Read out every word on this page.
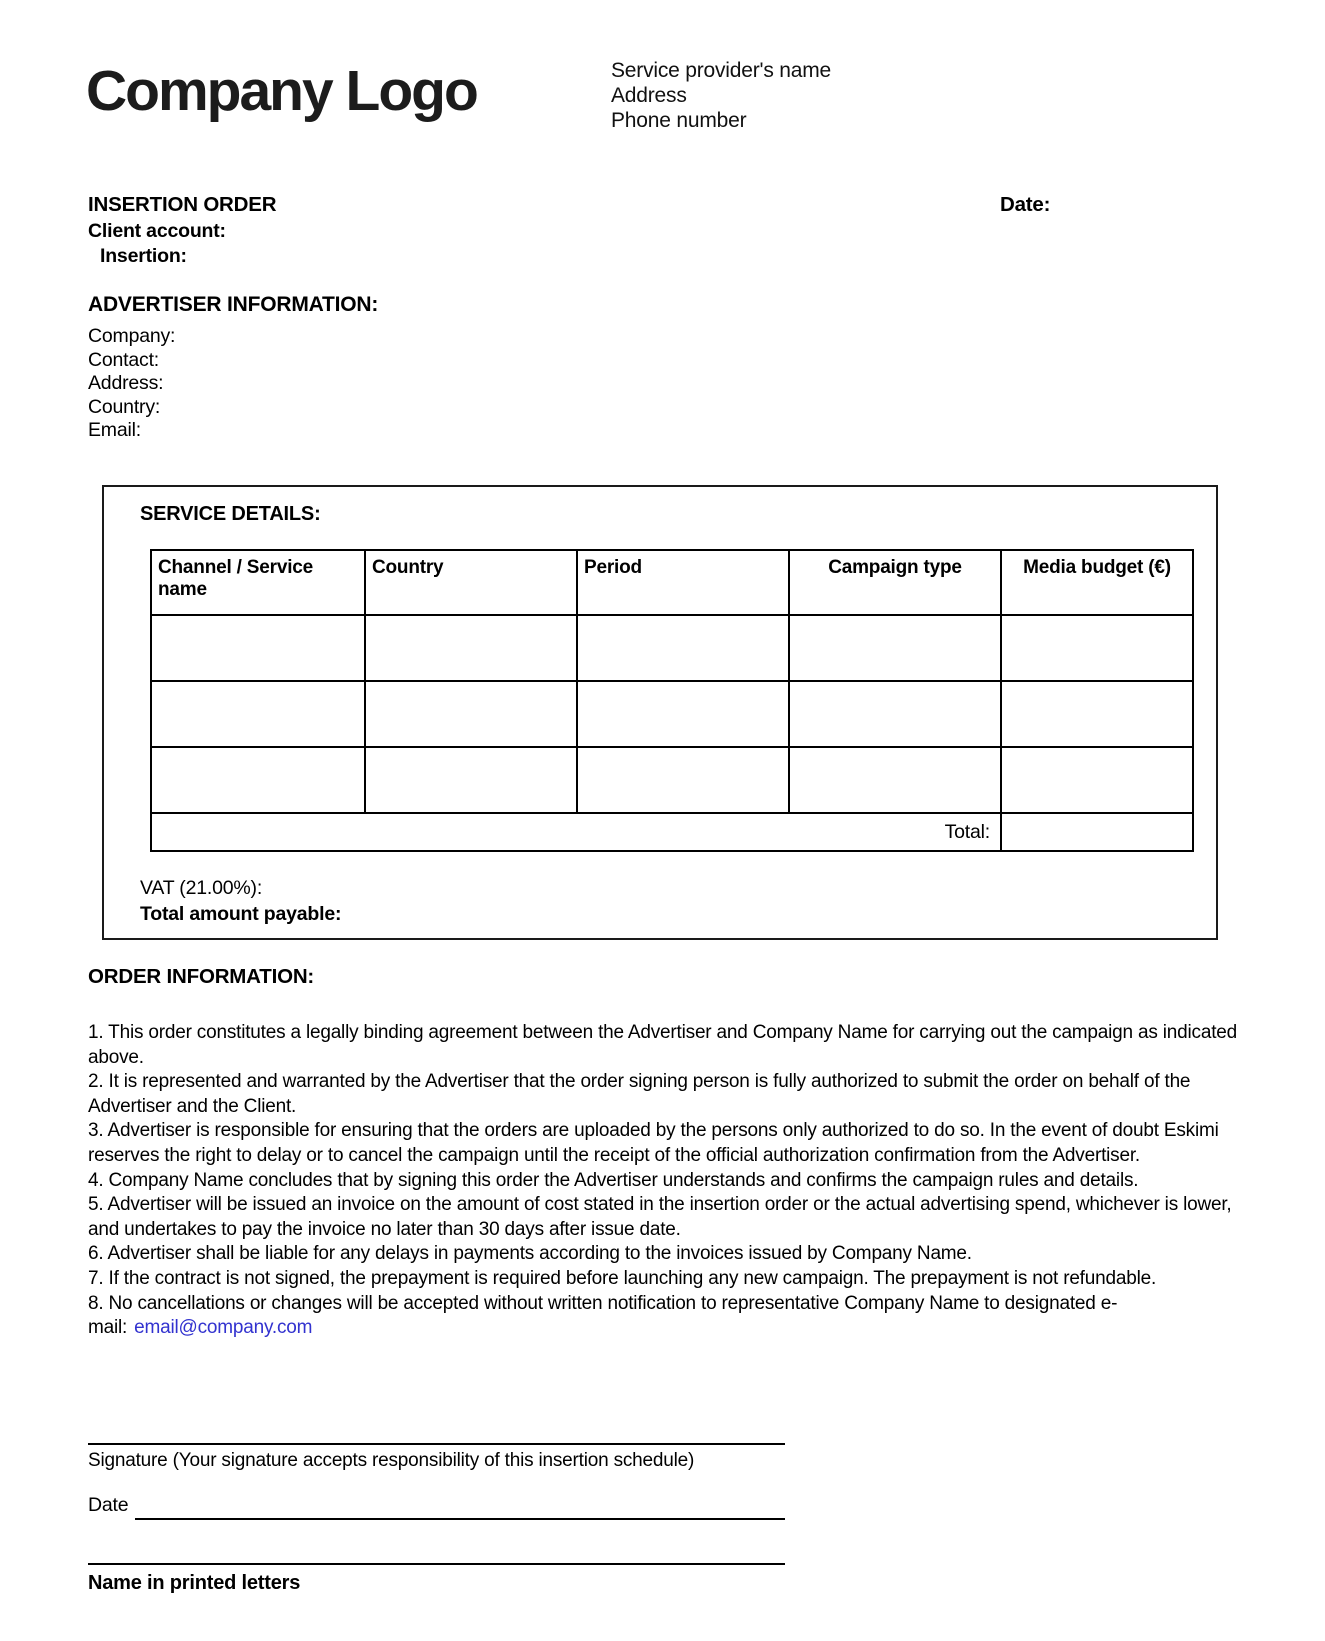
Company Logo	Service provider's name
Address
Phone number
INSERTION ORDER	Date:
Client account:
Insertion:
ADVERTISER INFORMATION:
Company:
Contact:
Address:
Country:
Email:
SERVICE DETAILS:
Channel / Service name	Country	Period	Campaign type	Media budget (€)

Total:				
VAT (21.00%):
Total amount payable:
ORDER INFORMATION:
1. This order constitutes a legally binding agreement between the Advertiser and Company Name for carrying out the campaign as indicated above.
2. It is represented and warranted by the Advertiser that the order signing person is fully authorized to submit the order on behalf of the Advertiser and the Client.
3. Advertiser is responsible for ensuring that the orders are uploaded by the persons only authorized to do so. In the event of doubt Eskimi reserves the right to delay or to cancel the campaign until the receipt of the official authorization confirmation from the Advertiser.
4. Company Name concludes that by signing this order the Advertiser understands and confirms the campaign rules and details.
5. Advertiser will be issued an invoice on the amount of cost stated in the insertion order or the actual advertising spend, whichever is lower, and undertakes to pay the invoice no later than 30 days after issue date.
6. Advertiser shall be liable for any delays in payments according to the invoices issued by Company Name.
7. If the contract is not signed, the prepayment is required before launching any new campaign. The prepayment is not refundable.
8. No cancellations or changes will be accepted without written notification to representative Company Name to designated e-mail: email@company.com
Signature (Your signature accepts responsibility of this insertion schedule)
Date
Name in printed letters
